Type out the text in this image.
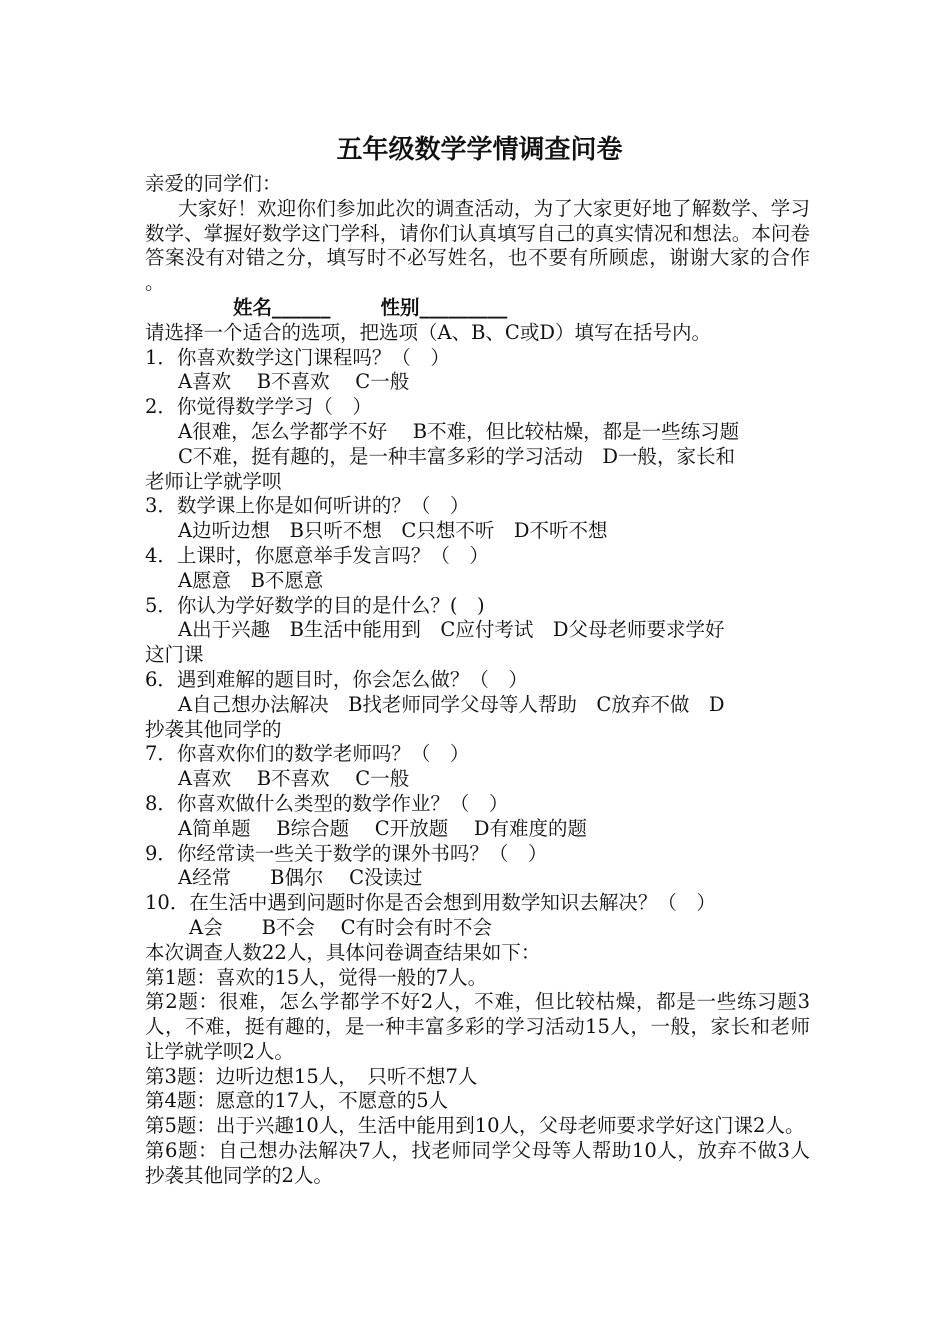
五年级数学学情调查问卷
亲爱的同学们：
大家好！欢迎你们参加此次的调查活动，为了大家更好地了解数学、学习数学、掌握好数学这门学科，请你们认真填写自己的真实情况和想法。本问卷答案没有对错之分，填写时不必写姓名，也不要有所顾虑，谢谢大家的合作 。
姓名______	性别_________
请选择一个适合的选项，把选项（A、B、C或D）填写在括号内。
1．你喜欢数学这门课程吗？（　）
A喜欢　 B不喜欢　 C一般
2．你觉得数学学习（　）
A很难，怎么学都学不好　 B不难，但比较枯燥，都是一些练习题
C不难，挺有趣的，是一种丰富多彩的学习活动　D一般，家长和
老师让学就学呗
3．数学课上你是如何听讲的？（　）
A边听边想　B只听不想　C只想不听　D不听不想
4．上课时，你愿意举手发言吗？（　）
A愿意　B不愿意
5．你认为学好数学的目的是什么？(　)
A出于兴趣　B生活中能用到　C应付考试　D父母老师要求学好
这门课
6．遇到难解的题目时，你会怎么做？（　）
A自己想办法解决　B找老师同学父母等人帮助　C放弃不做　D
抄袭其他同学的
7．你喜欢你们的数学老师吗？（　）
A喜欢　 B不喜欢　 C一般
8．你喜欢做什么类型的数学作业？（　）
A简单题　 B综合题　 C开放题　 D有难度的题
9．你经常读一些关于数学的课外书吗？（　）
A经常　　B偶尔　 C没读过
10．在生活中遇到问题时你是否会想到用数学知识去解决？（　）
A会　　B不会　 C有时会有时不会
本次调查人数22人，具体问卷调查结果如下：
第1题：喜欢的15人，觉得一般的7人。
第2题：很难，怎么学都学不好2人，不难，但比较枯燥，都是一些练习题3人，不难，挺有趣的，是一种丰富多彩的学习活动15人，一般，家长和老师让学就学呗2人。
第3题：边听边想15人，　只听不想7人
第4题：愿意的17人，不愿意的5人
第5题：出于兴趣10人，生活中能用到10人，父母老师要求学好这门课2人。
第6题：自己想办法解决7人，找老师同学父母等人帮助10人，放弃不做3人 抄袭其他同学的2人。
